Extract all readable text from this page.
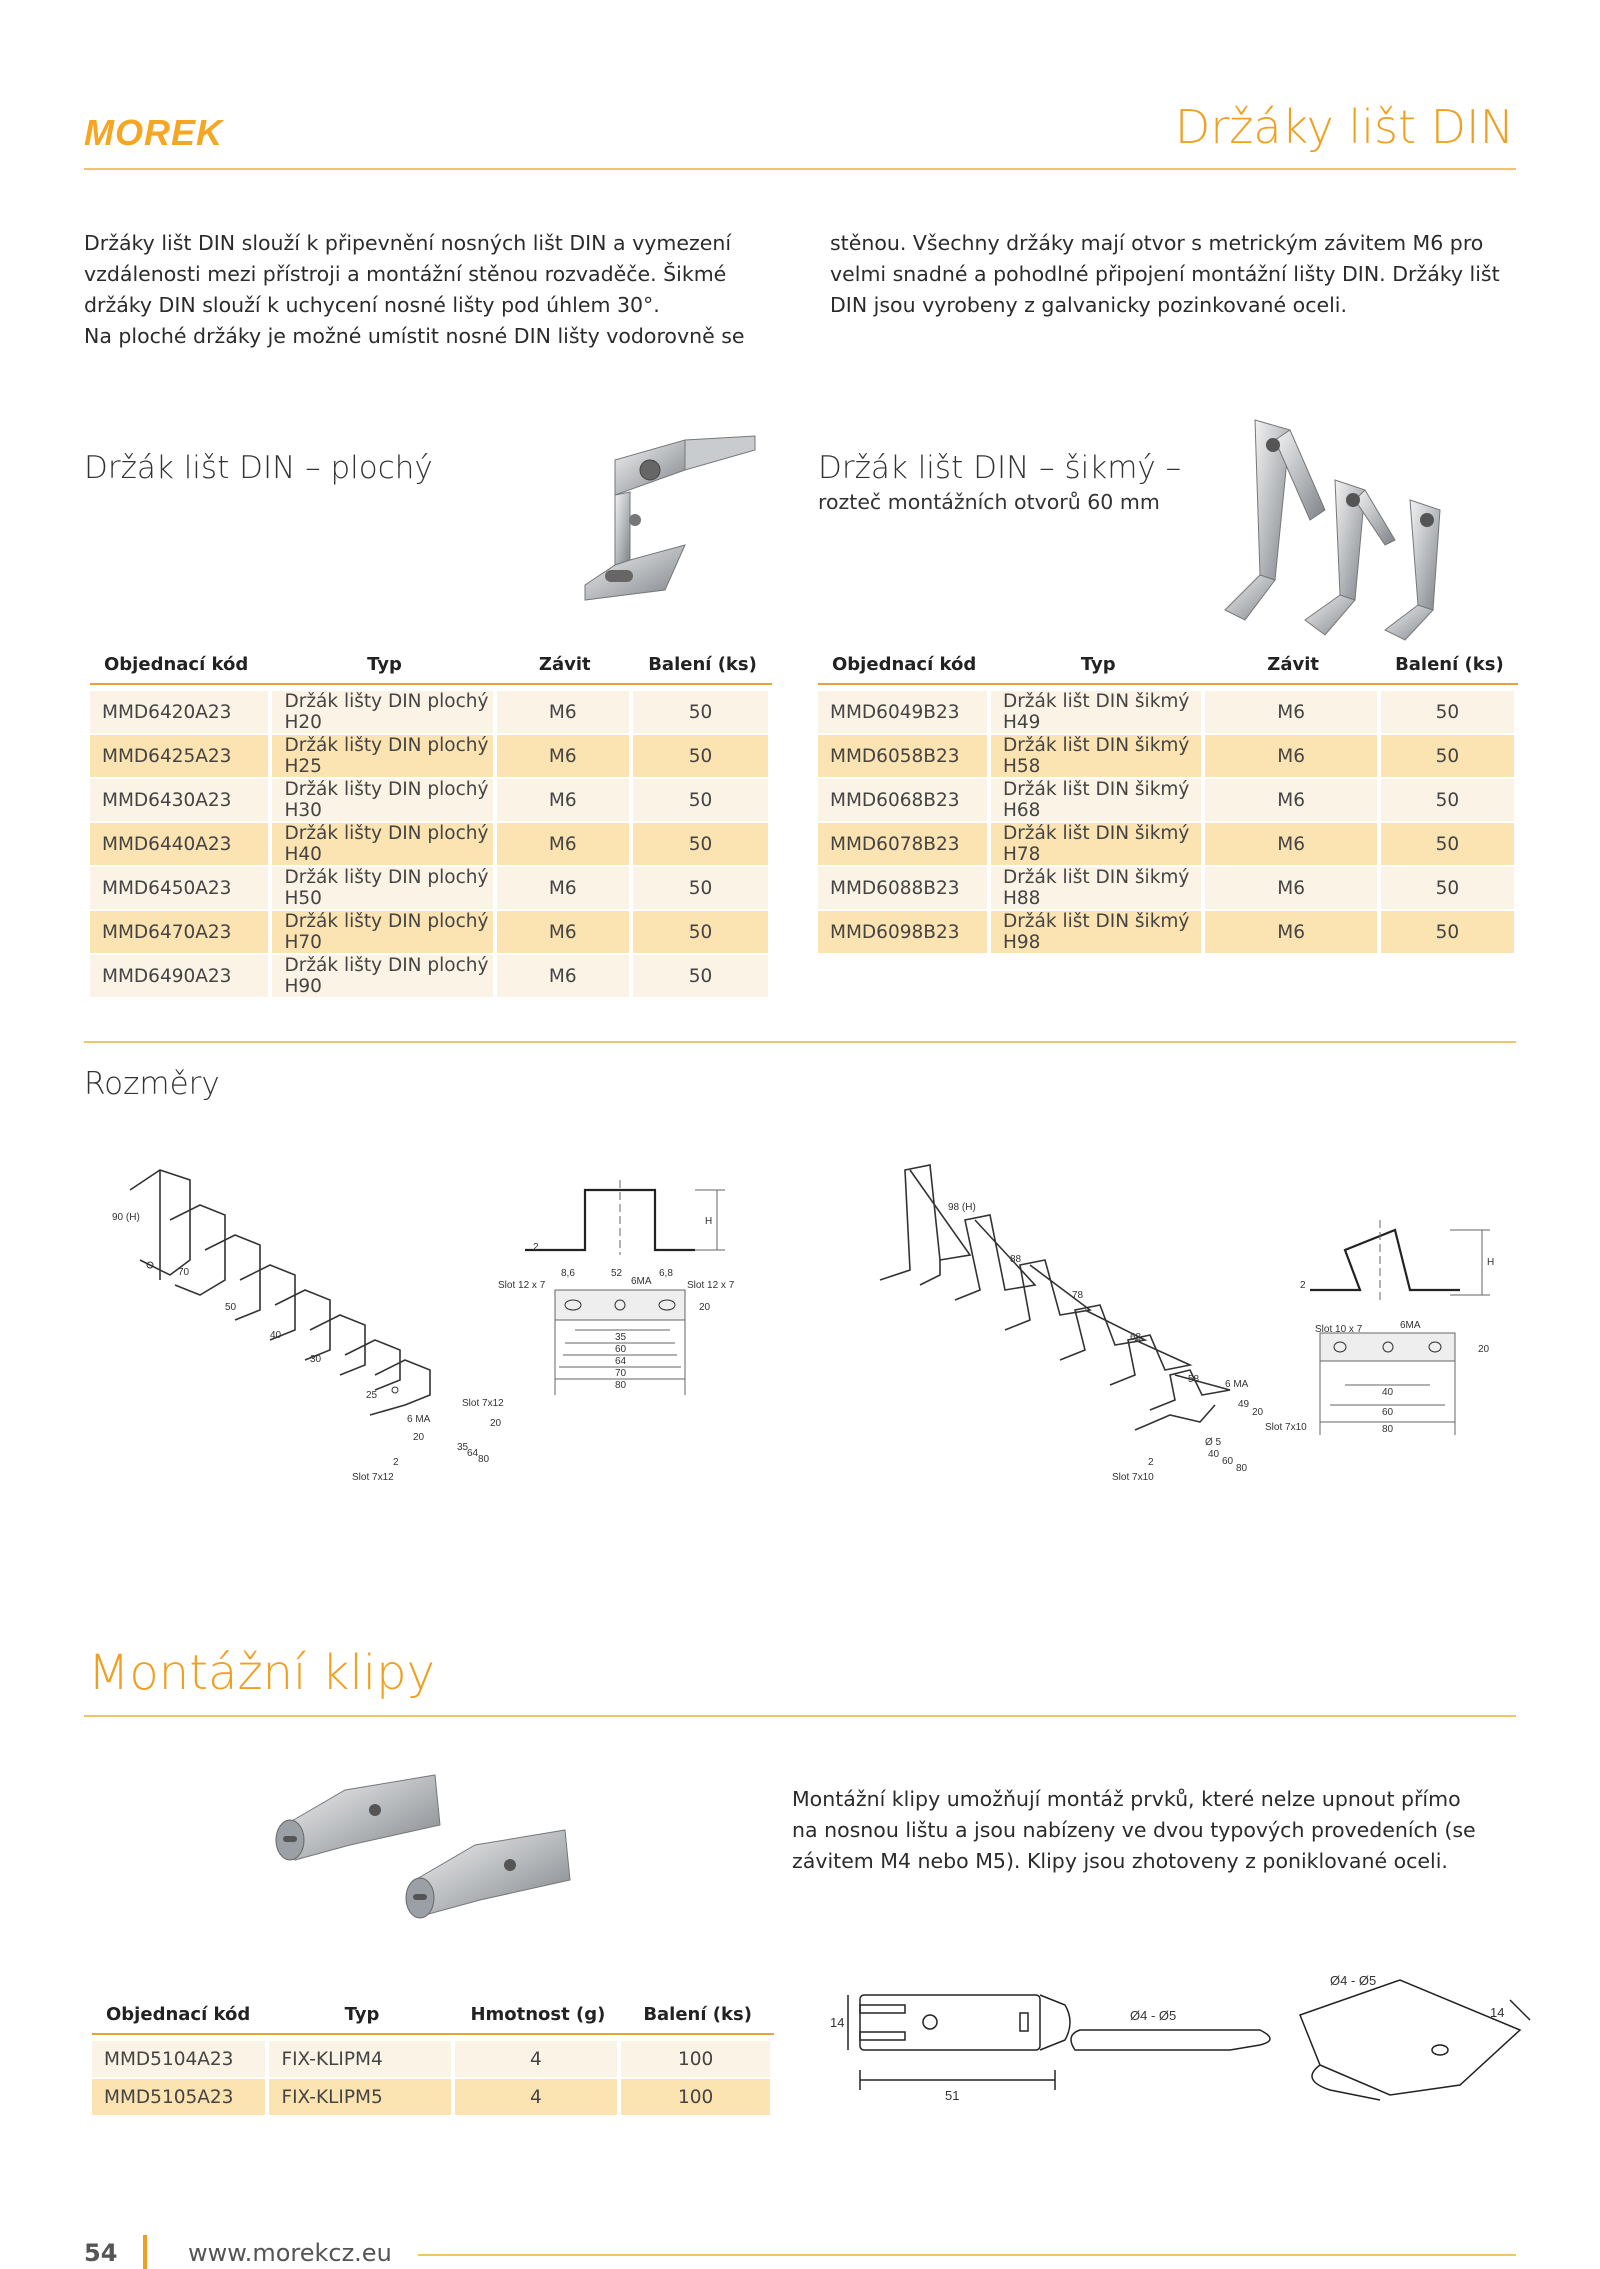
MOREK	Držáky lišt DIN
Držáky lišt DIN slouží k připevnění nosných lišt DIN a vymezení
vzdálenosti mezi přístroji a montážní stěnou rozvaděče. Šikmé
držáky DIN slouží k uchycení nosné lišty pod úhlem 30°.
Na ploché držáky je možné umístit nosné DIN lišty vodorovně se
stěnou. Všechny držáky mají otvor s metrickým závitem M6 pro
velmi snadné a pohodlné připojení montážní lišty DIN. Držáky lišt
DIN jsou vyrobeny z galvanicky pozinkované oceli.
Držák lišt DIN – plochý	Držák lišt DIN – šikmý –
rozteč montážních otvorů 60 mm
Objednací kód	Typ	Závit	Balení (ks)
MMD6420A23	Držák lišty DIN plochý H20	M6	50
MMD6425A23	Držák lišty DIN plochý H25	M6	50
MMD6430A23	Držák lišty DIN plochý H30	M6	50
MMD6440A23	Držák lišty DIN plochý H40	M6	50
MMD6450A23	Držák lišty DIN plochý H50	M6	50
MMD6470A23	Držák lišty DIN plochý H70	M6	50
MMD6490A23	Držák lišty DIN plochý H90	M6	50
Objednací kód	Typ	Závit	Balení (ks)
MMD6049B23	Držák lišt DIN šikmý H49	M6	50
MMD6058B23	Držák lišt DIN šikmý H58	M6	50
MMD6068B23	Držák lišt DIN šikmý H68	M6	50
MMD6078B23	Držák lišt DIN šikmý H78	M6	50
MMD6088B23	Držák lišt DIN šikmý H88	M6	50
MMD6098B23	Držák lišt DIN šikmý H98	M6	50
Rozměry
90 (H)
70
50
40
30
25
20
6 MA
Slot 7x12
Slot 7x12
35
64
80
20
2
H
2
8,6	52	6,8
Slot 12 x 7	6MA	Slot 12 x 7
20
35
60
64
70
80
98 (H)
88
78
68
58	6 MA
49
20
Slot 7x10
Ø 5
40
60
80
2
Slot 7x10
H
2
Slot 10 x 7	6MA
20
40
60
80
Montážní klipy
Montážní klipy umožňují montáž prvků, které nelze upnout přímo
na nosnou lištu a jsou nabízeny ve dvou typových provedeních (se
závitem M4 nebo M5). Klipy jsou zhotoveny z poniklované oceli.
Objednací kód	Typ	Hmotnost (g)	Balení (ks)
MMD5104A23	FIX-KLIPM4	4	100
MMD5105A23	FIX-KLIPM5	4	100
14
51
Ø4 - Ø5
Ø4 - Ø5
14
54	www.morekcz.eu
